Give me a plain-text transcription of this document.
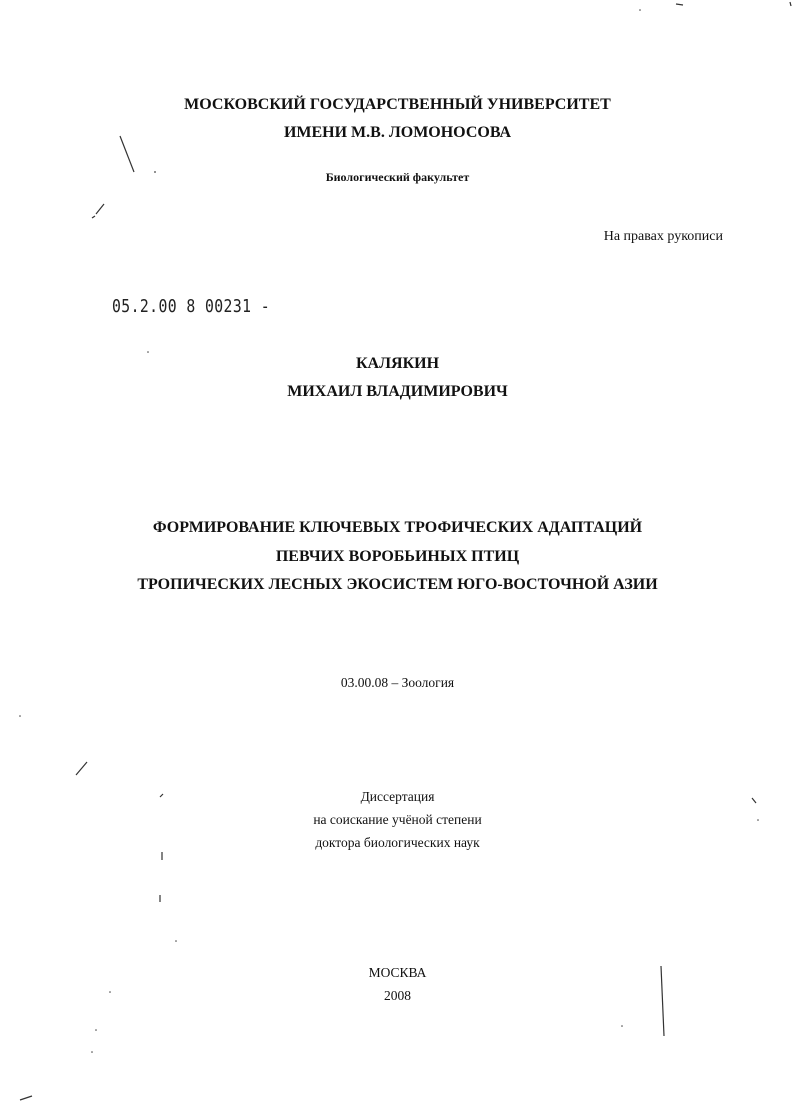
МОСКОВСКИЙ ГОСУДАРСТВЕННЫЙ УНИВЕРСИТЕТ
ИМЕНИ М.В. ЛОМОНОСОВА
Биологический факультет
На правах рукописи
05.2.00 8 00231 -
КАЛЯКИН
МИХАИЛ ВЛАДИМИРОВИЧ
ФОРМИРОВАНИЕ КЛЮЧЕВЫХ ТРОФИЧЕСКИХ АДАПТАЦИЙ
ПЕВЧИХ ВОРОБЬИНЫХ ПТИЦ
ТРОПИЧЕСКИХ ЛЕСНЫХ ЭКОСИСТЕМ ЮГО-ВОСТОЧНОЙ АЗИИ
03.00.08 – Зоология
Диссертация
на соискание учёной степени
доктора биологических наук
МОСКВА
2008
